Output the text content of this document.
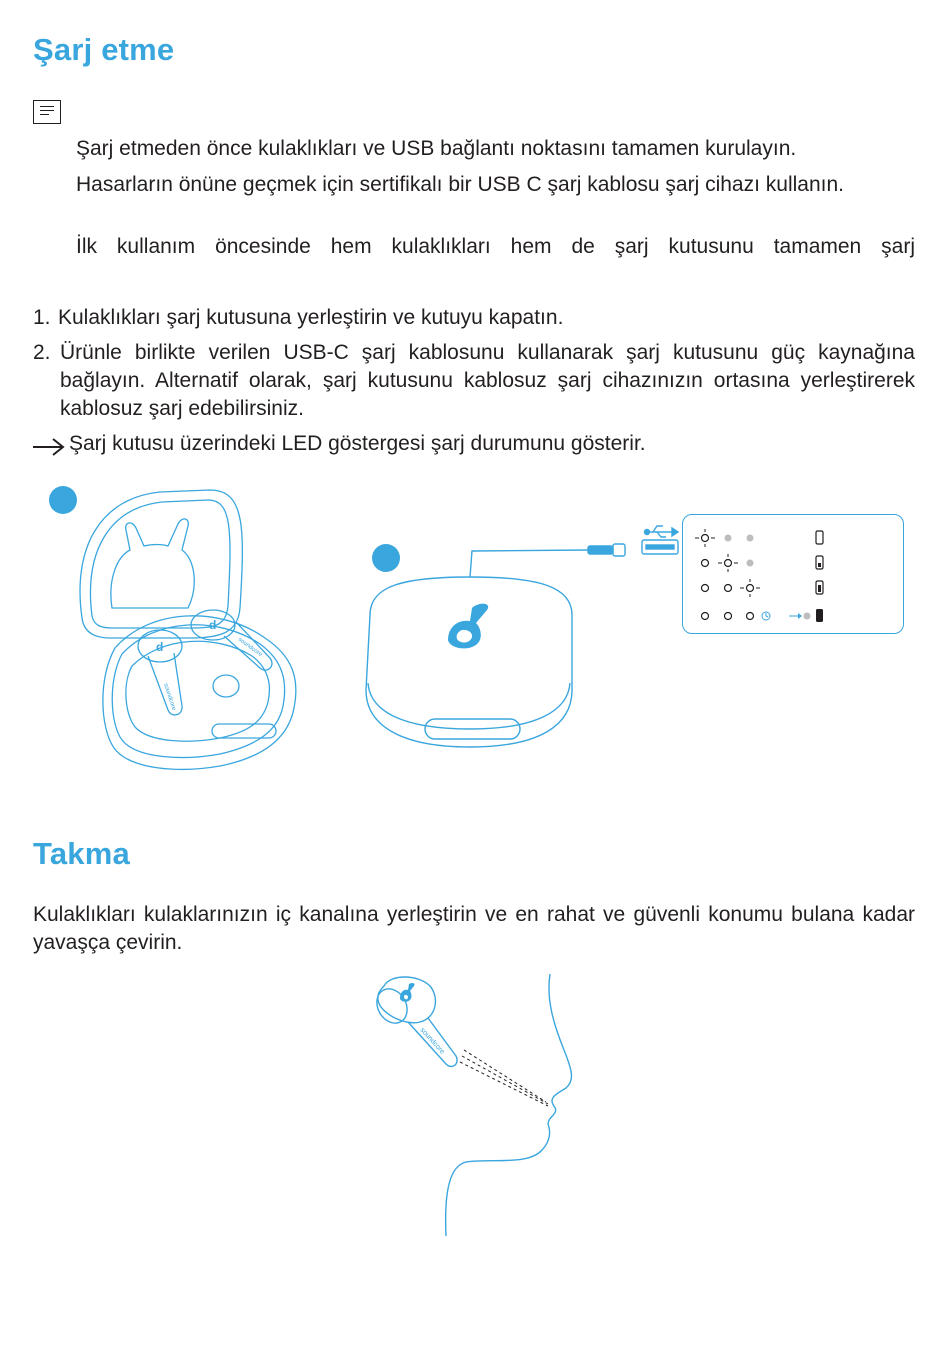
Şarj etme
Şarj etmeden önce kulaklıkları ve USB bağlantı noktasını tamamen kurulayın.
Hasarların önüne geçmek için sertifikalı bir USB C şarj kablosu şarj cihazı kullanın.
İlk kullanım öncesinde hem kulaklıkları hem de şarj kutusunu tamamen şarj
1. Kulaklıkları şarj kutusuna yerleştirin ve kutuyu kapatın.
2. Ürünle birlikte verilen USB-C şarj kablosunu kullanarak şarj kutusunu güç kaynağına bağlayın. Alternatif olarak, şarj kutusunu kablosuz şarj cihazınızın ortasına yerleştirerek kablosuz şarj edebilirsiniz.
Şarj kutusu üzerindeki LED göstergesi şarj durumunu gösterir.
d
d
soundcore
soundcore
Takma
Kulaklıkları kulaklarınızın iç kanalına yerleştirin ve en rahat ve güvenli konumu bulana kadar yavaşça çevirin.
soundcore
